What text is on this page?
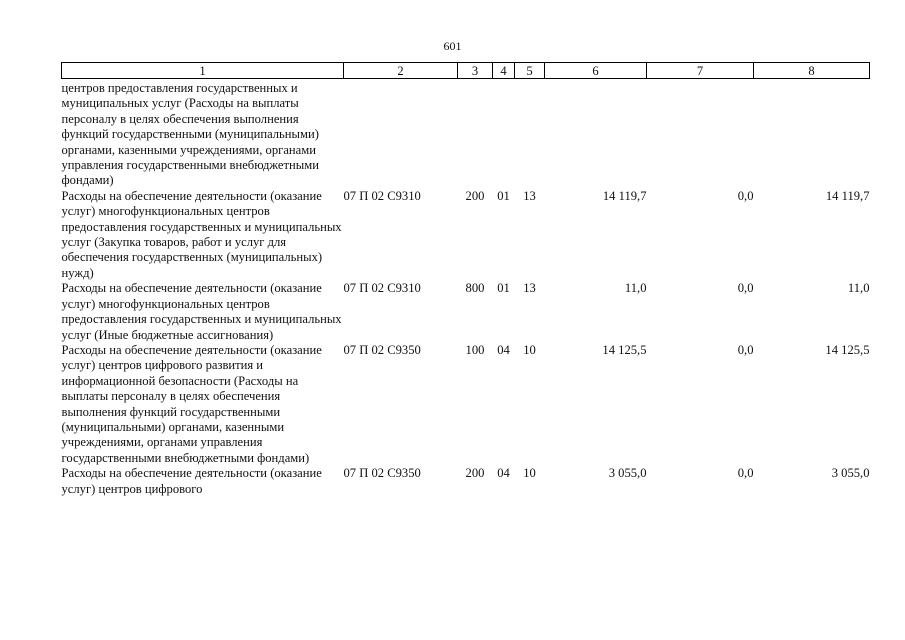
601
1	2	3	4	5	6	7	8
центров предоставления государственных и муниципальных услуг (Расходы на выплаты персоналу в целях обеспечения выполнения функций государственными (муниципальными) органами, казенными учреждениями, органами управления государственными внебюджетными фондами)							
Расходы на обеспечение деятельности (оказание услуг) многофункциональных центров предоставления государственных и муниципальных услуг (Закупка товаров, работ и услуг для обеспечения государственных (муниципальных) нужд)	07 П 02 С9310	200	01	13	14 119,7	0,0	14 119,7
Расходы на обеспечение деятельности (оказание услуг) многофункциональных центров предоставления государственных и муниципальных услуг (Иные бюджетные ассигнования)	07 П 02 С9310	800	01	13	11,0	0,0	11,0
Расходы на обеспечение деятельности (оказание услуг) центров цифрового развития и информационной безопасности (Расходы на выплаты персоналу в целях обеспечения выполнения функций государственными (муниципальными) органами, казенными учреждениями, органами управления государственными внебюджетными фондами)	07 П 02 С9350	100	04	10	14 125,5	0,0	14 125,5
Расходы на обеспечение деятельности (оказание услуг) центров цифрового	07 П 02 С9350	200	04	10	3 055,0	0,0	3 055,0
